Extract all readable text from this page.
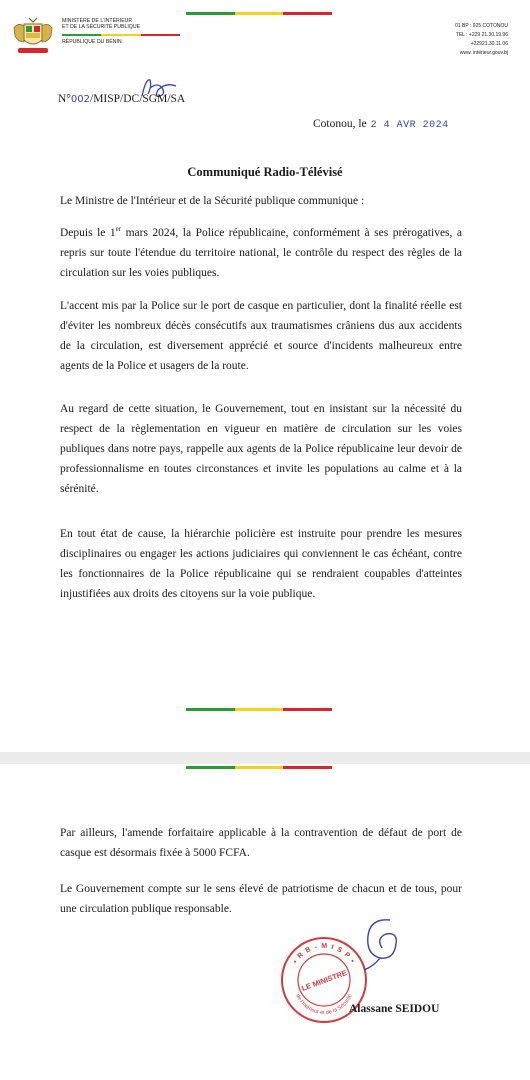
MINISTÈRE DE L'INTÉRIEUR
ET DE LA SÉCURITÉ PUBLIQUE
RÉPUBLIQUE DU BÉNIN
01 BP : 925 COTONOU
TEL : +229 21.30.19.96
+22921.30.11.06
www. intérieur.gouv.bj
N°002/MISP/DC/SGM/SA
Cotonou, le 2 4 AVR 2024
Communiqué Radio-Télévisé
Le Ministre de l'Intérieur et de la Sécurité publique communique :
Depuis le 1er mars 2024, la Police républicaine, conformément à ses prérogatives, a repris sur toute l'étendue du territoire national, le contrôle du respect des règles de la circulation sur les voies publiques.
L'accent mis par la Police sur le port de casque en particulier, dont la finalité réelle est d'éviter les nombreux décès consécutifs aux traumatismes crâniens dus aux accidents de la circulation, est diversement apprécié et source d'incidents malheureux entre agents de la Police et usagers de la route.
Au regard de cette situation, le Gouvernement, tout en insistant sur la nécessité du respect de la règlementation en vigueur en matière de circulation sur les voies publiques dans notre pays, rappelle aux agents de la Police républicaine leur devoir de professionnalisme en toutes circonstances et invite les populations au calme et à la sérénité.
En tout état de cause, la hiérarchie policière est instruite pour prendre les mesures disciplinaires ou engager les actions judiciaires qui conviennent le cas échéant, contre les fonctionnaires de la Police républicaine qui se rendraient coupables d'atteintes injustifiées aux droits des citoyens sur la voie publique.
Par ailleurs, l'amende forfaitaire applicable à la contravention de défaut de port de casque est désormais fixée à 5000 FCFA.
Le Gouvernement compte sur le sens élevé de patriotisme de chacun et de tous, pour une circulation publique responsable.
• R B - M I S P •
LE MINISTRE
de l'Intérieur et de la Sécurité
Alassane SEIDOU
